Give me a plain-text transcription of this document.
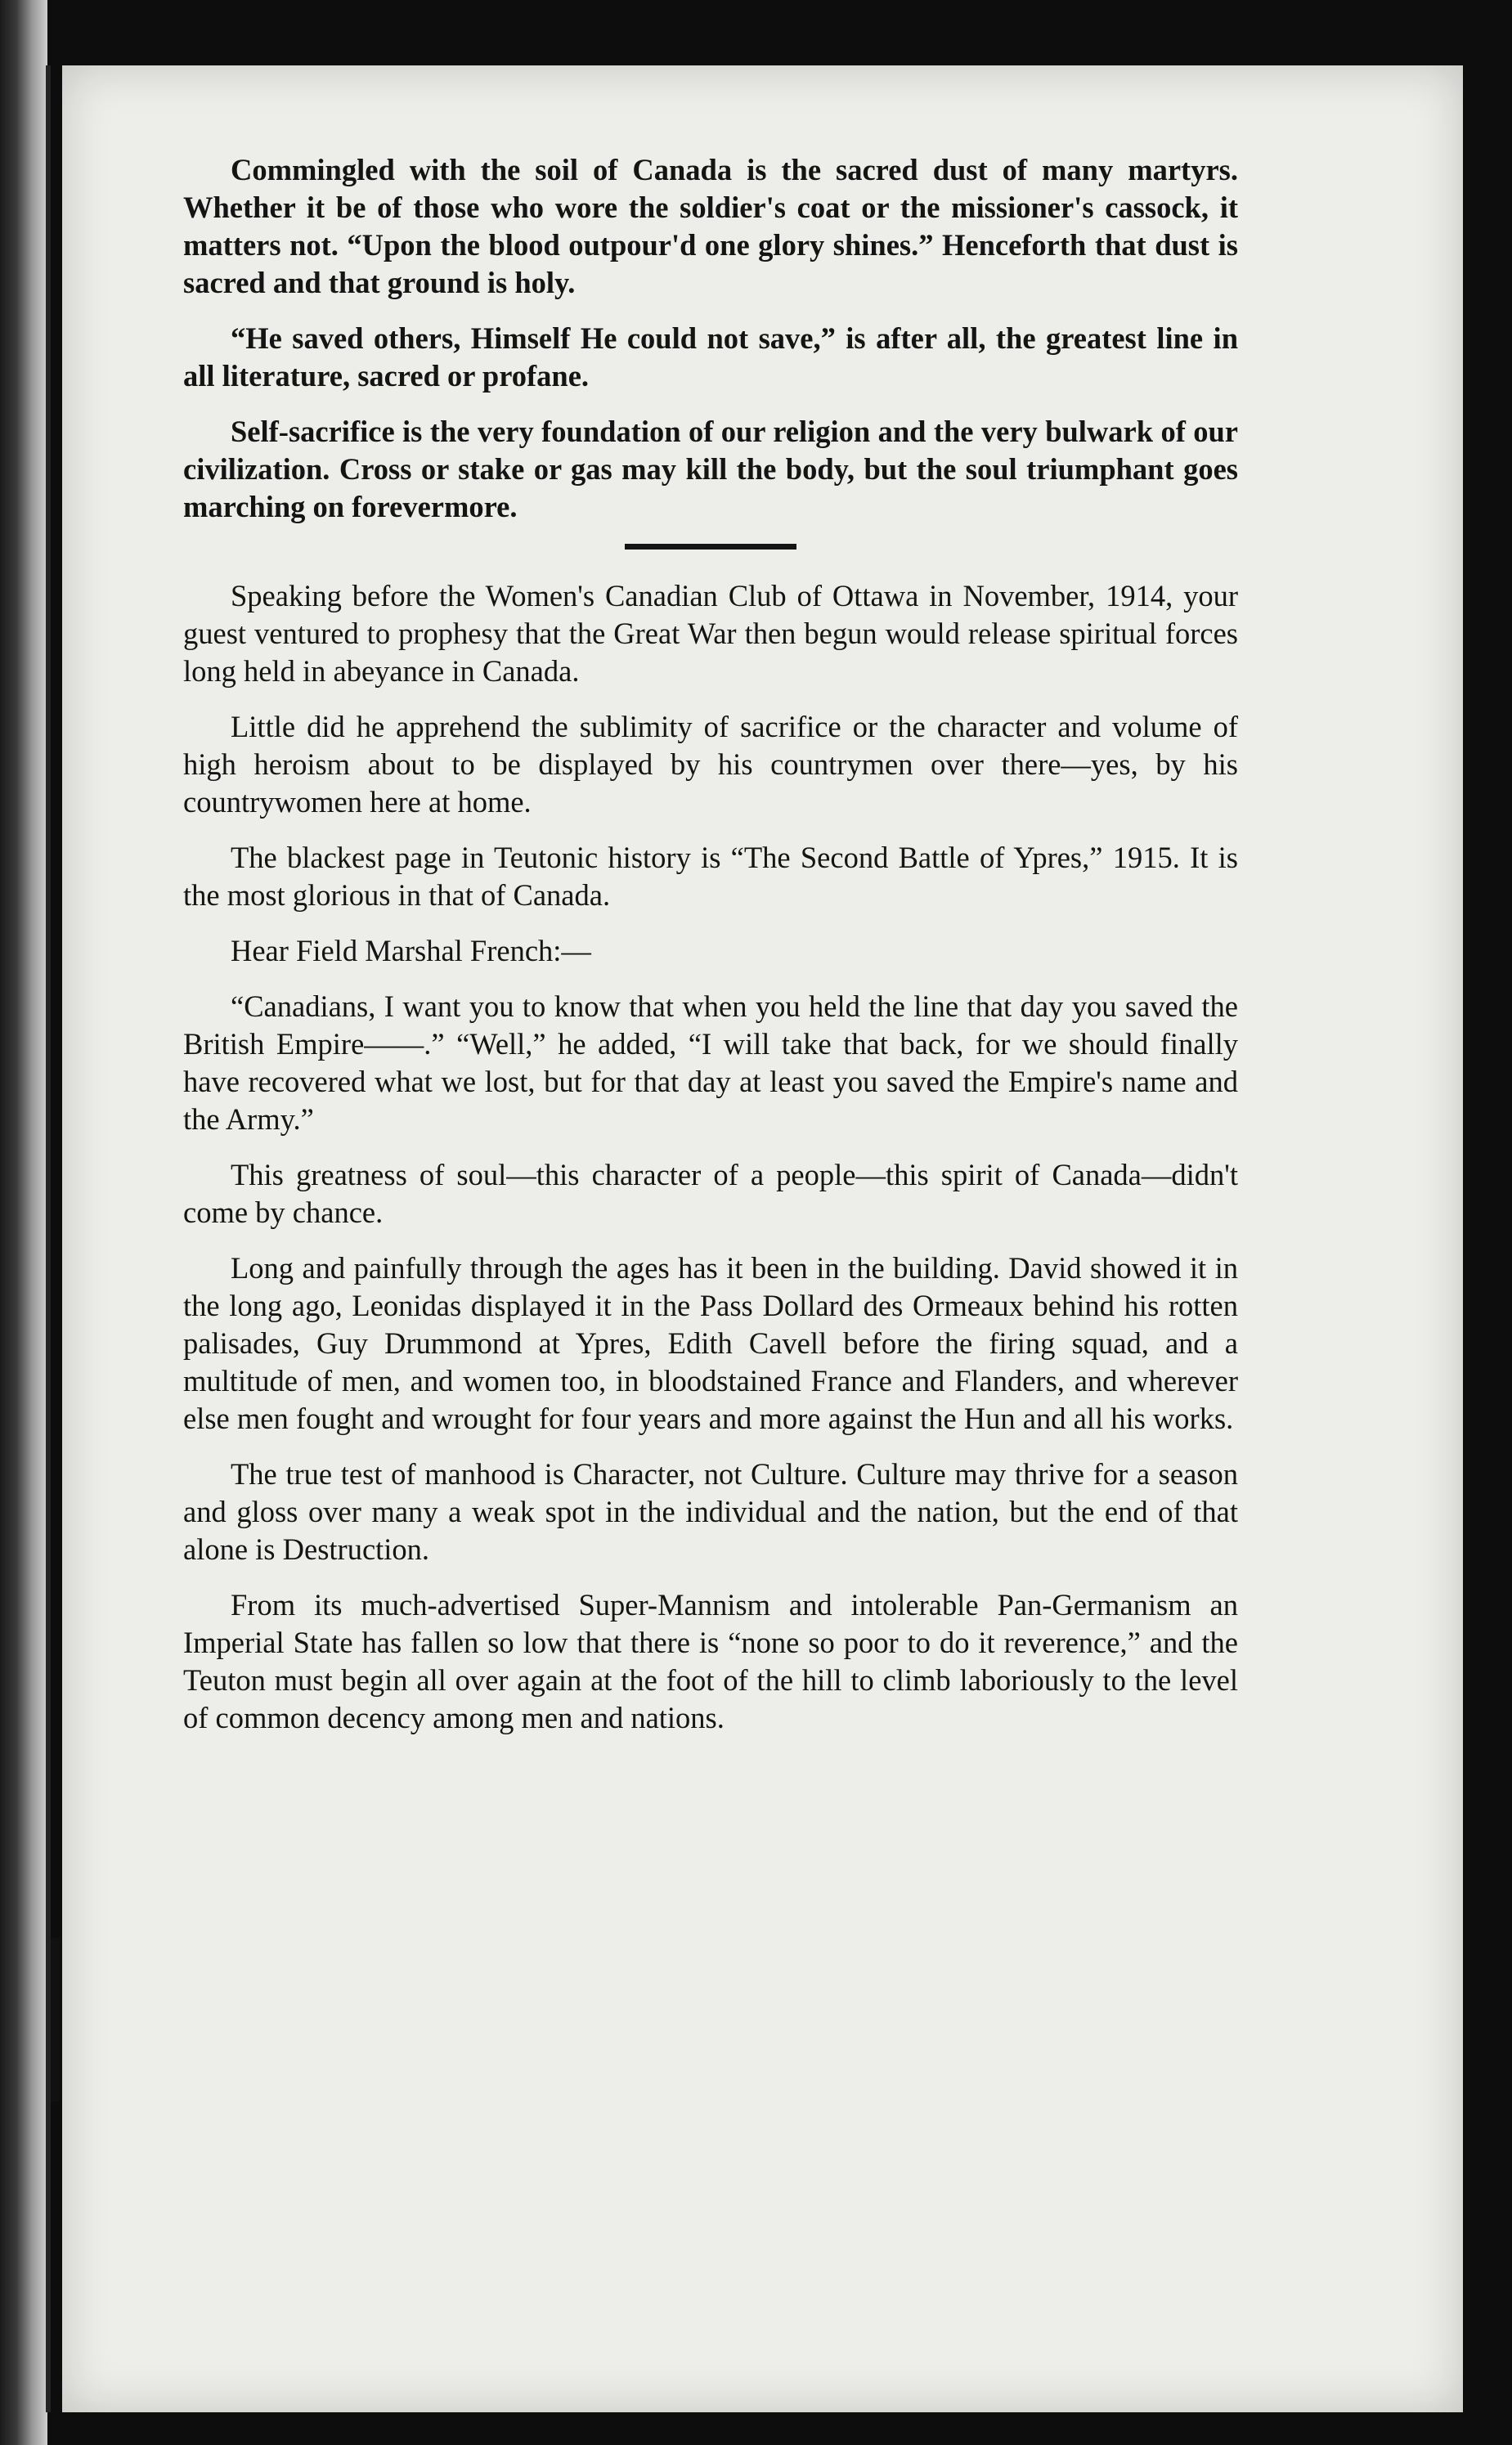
Commingled with the soil of Canada is the sacred dust of many martyrs. Whether it be of those who wore the soldier's coat or the missioner's cassock, it matters not. “Upon the blood outpour'd one glory shines.” Henceforth that dust is sacred and that ground is holy.

“He saved others, Himself He could not save,” is after all, the greatest line in all literature, sacred or profane.

Self-sacrifice is the very foundation of our religion and the very bulwark of our civilization. Cross or stake or gas may kill the body, but the soul triumphant goes marching on forevermore.

Speaking before the Women's Canadian Club of Ottawa in November, 1914, your guest ventured to prophesy that the Great War then begun would release spiritual forces long held in abeyance in Canada.

Little did he apprehend the sublimity of sacrifice or the character and volume of high heroism about to be displayed by his countrymen over there—yes, by his countrywomen here at home.

The blackest page in Teutonic history is “The Second Battle of Ypres,” 1915. It is the most glorious in that of Canada.

Hear Field Marshal French:—

“Canadians, I want you to know that when you held the line that day you saved the British Empire——.” “Well,” he added, “I will take that back, for we should finally have recovered what we lost, but for that day at least you saved the Empire's name and the Army.”

This greatness of soul—this character of a people—this spirit of Canada—didn't come by chance.

Long and painfully through the ages has it been in the building. David showed it in the long ago, Leonidas displayed it in the Pass Dollard des Ormeaux behind his rotten palisades, Guy Drummond at Ypres, Edith Cavell before the firing squad, and a multitude of men, and women too, in bloodstained France and Flanders, and wherever else men fought and wrought for four years and more against the Hun and all his works.

The true test of manhood is Character, not Culture. Culture may thrive for a season and gloss over many a weak spot in the individual and the nation, but the end of that alone is Destruction.

From its much-advertised Super-Mannism and intolerable Pan-Germanism an Imperial State has fallen so low that there is “none so poor to do it reverence,” and the Teuton must begin all over again at the foot of the hill to climb laboriously to the level of common decency among men and nations.
